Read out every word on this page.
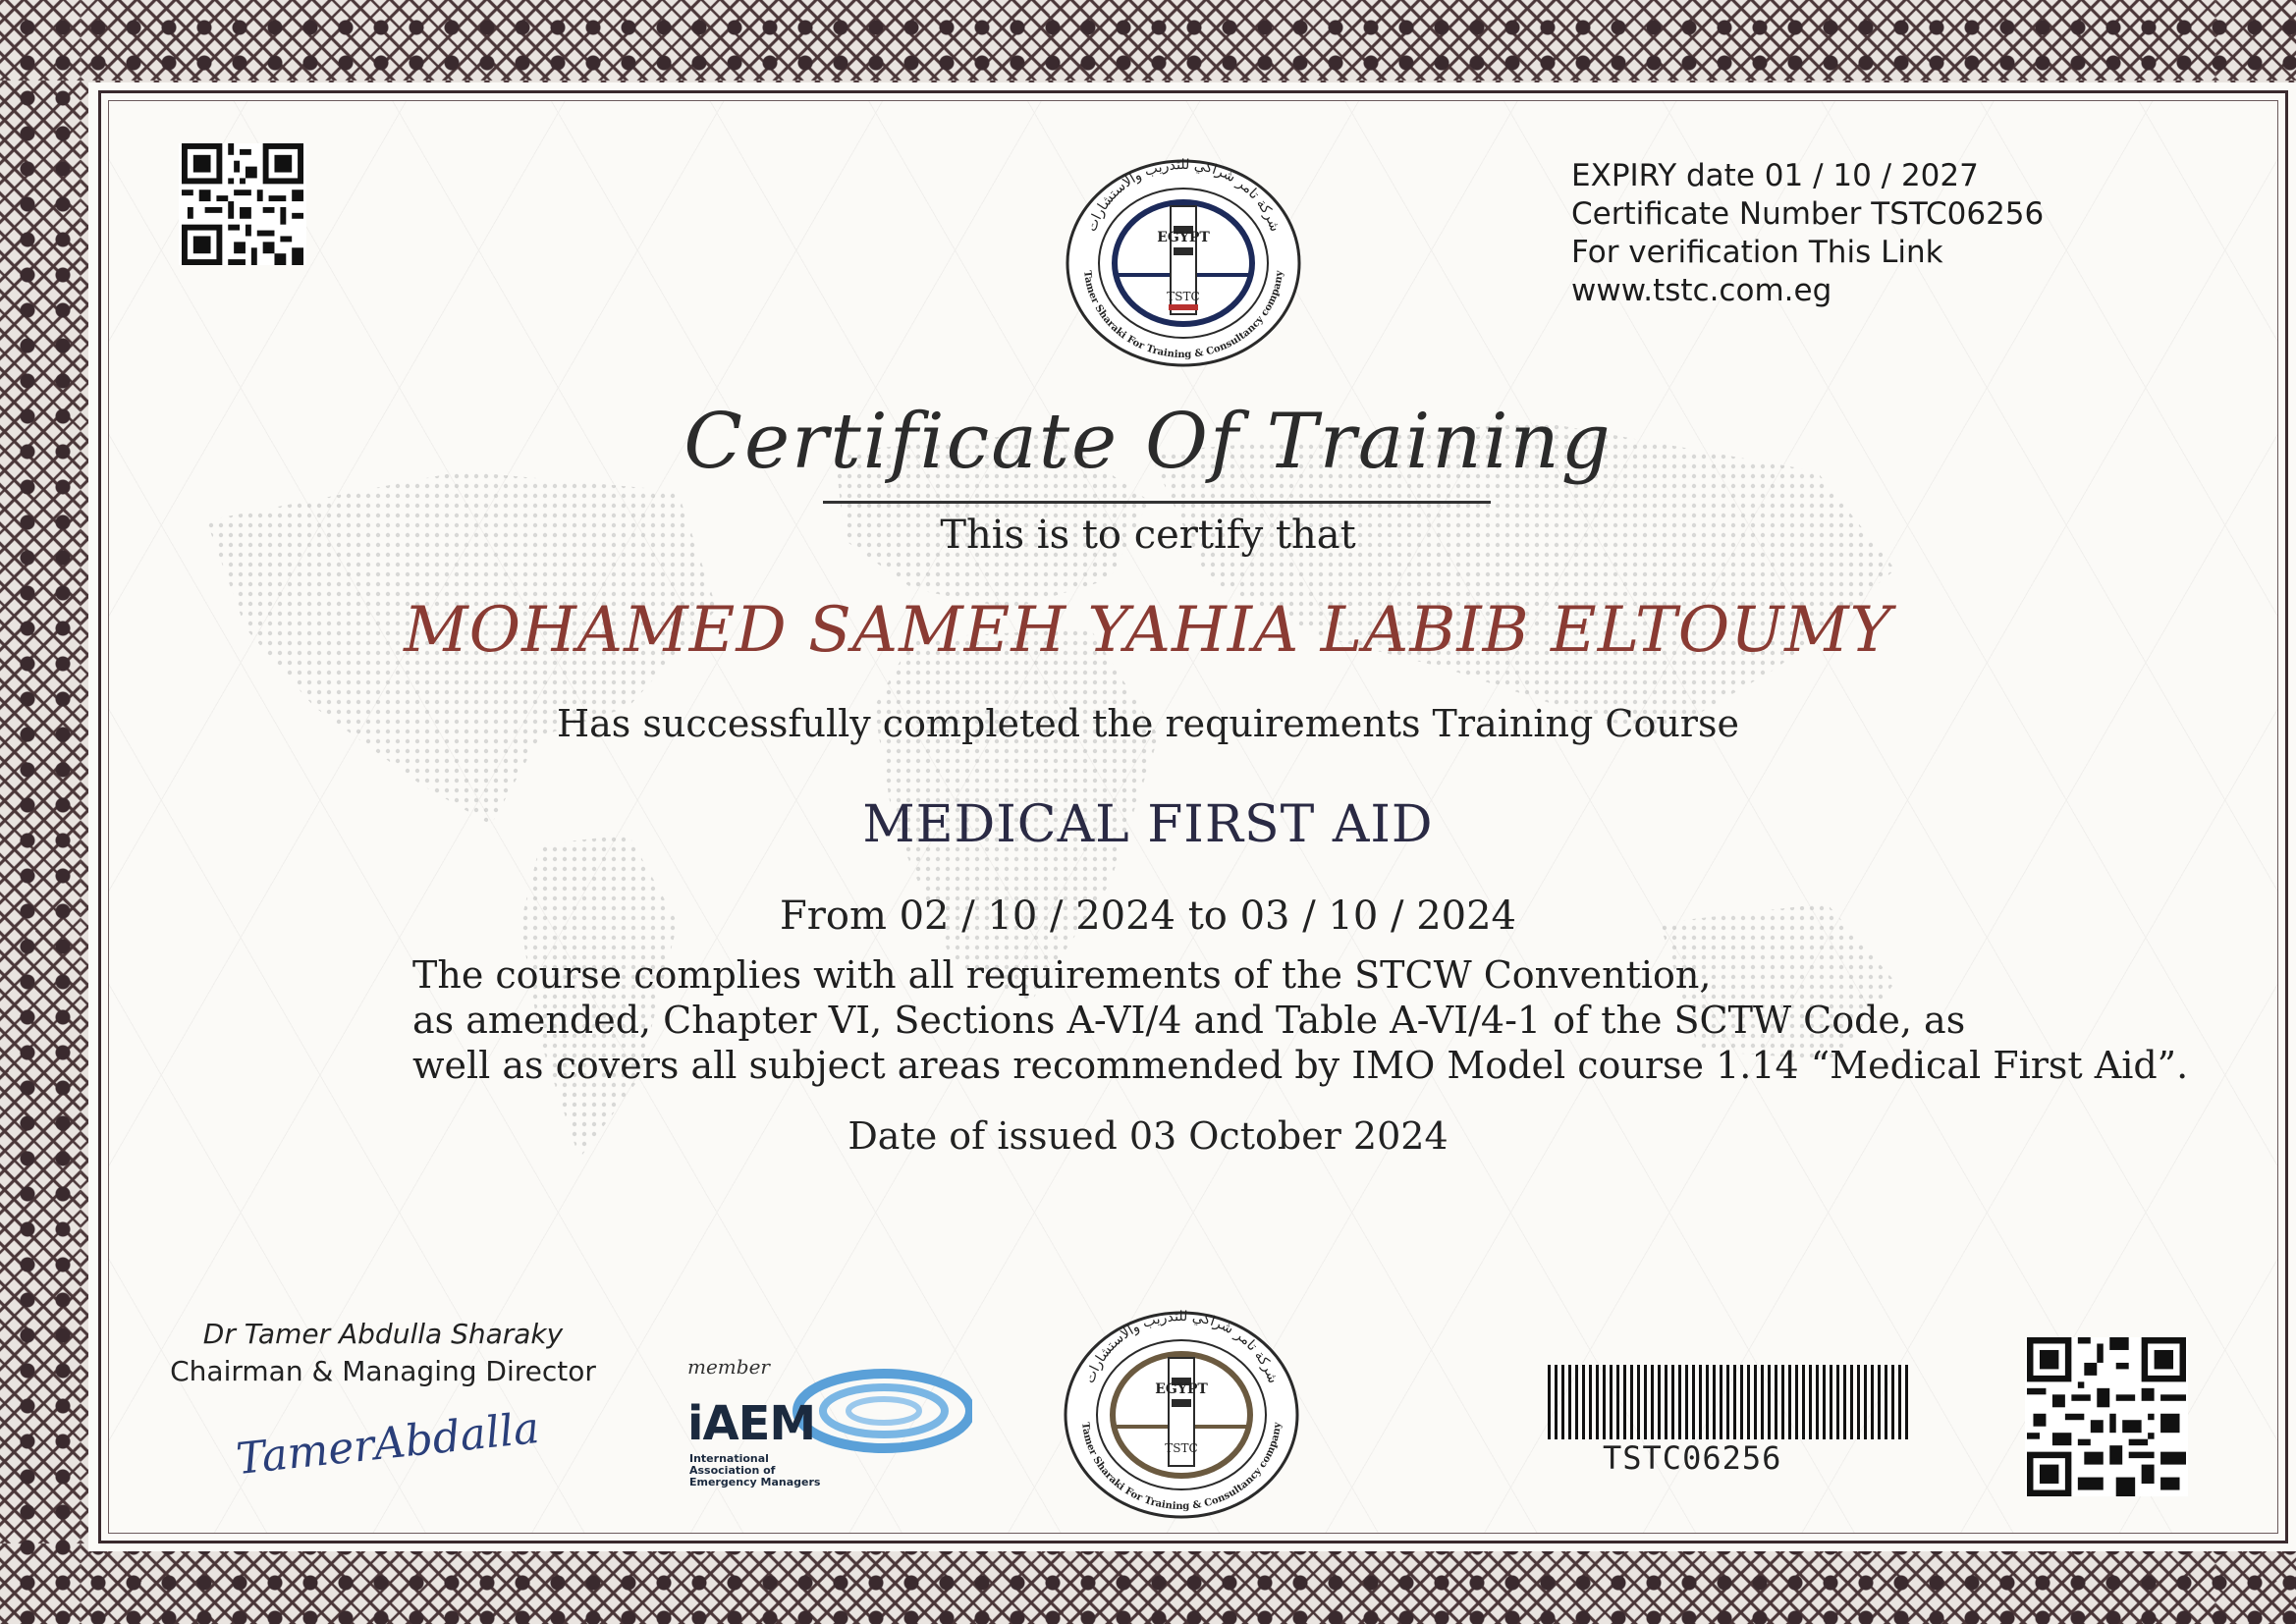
EGYPT
TSTC
شركة تامر شراكي للتدريب والاستشارات
Tamer Sharaki For Training & Consultancy company
EXPIRY date 01 / 10 / 2027
Certificate Number TSTC06256
For verification This Link
www.tstc.com.eg
Certificate Of Training
This is to certify that
MOHAMED SAMEH YAHIA LABIB ELTOUMY
Has successfully completed the requirements Training Course
MEDICAL FIRST AID
From 02 / 10 / 2024 to 03 / 10 / 2024
The course complies with all requirements of the STCW Convention,
as amended, Chapter VI, Sections A-VI/4 and Table A-VI/4-1 of the SCTW Code, as
well as covers all subject areas recommended by IMO Model course 1.14 “Medical First Aid”.
Date of issued 03 October 2024
Dr Tamer Abdulla Sharaky
Chairman & Managing Director
TamerAbdalla
member
iAEM
International
Association of
Emergency Managers
EGYPT
TSTC
شركة تامر شراكي للتدريب والاستشارات
Tamer Sharaki For Training & Consultancy company
TSTC06256
